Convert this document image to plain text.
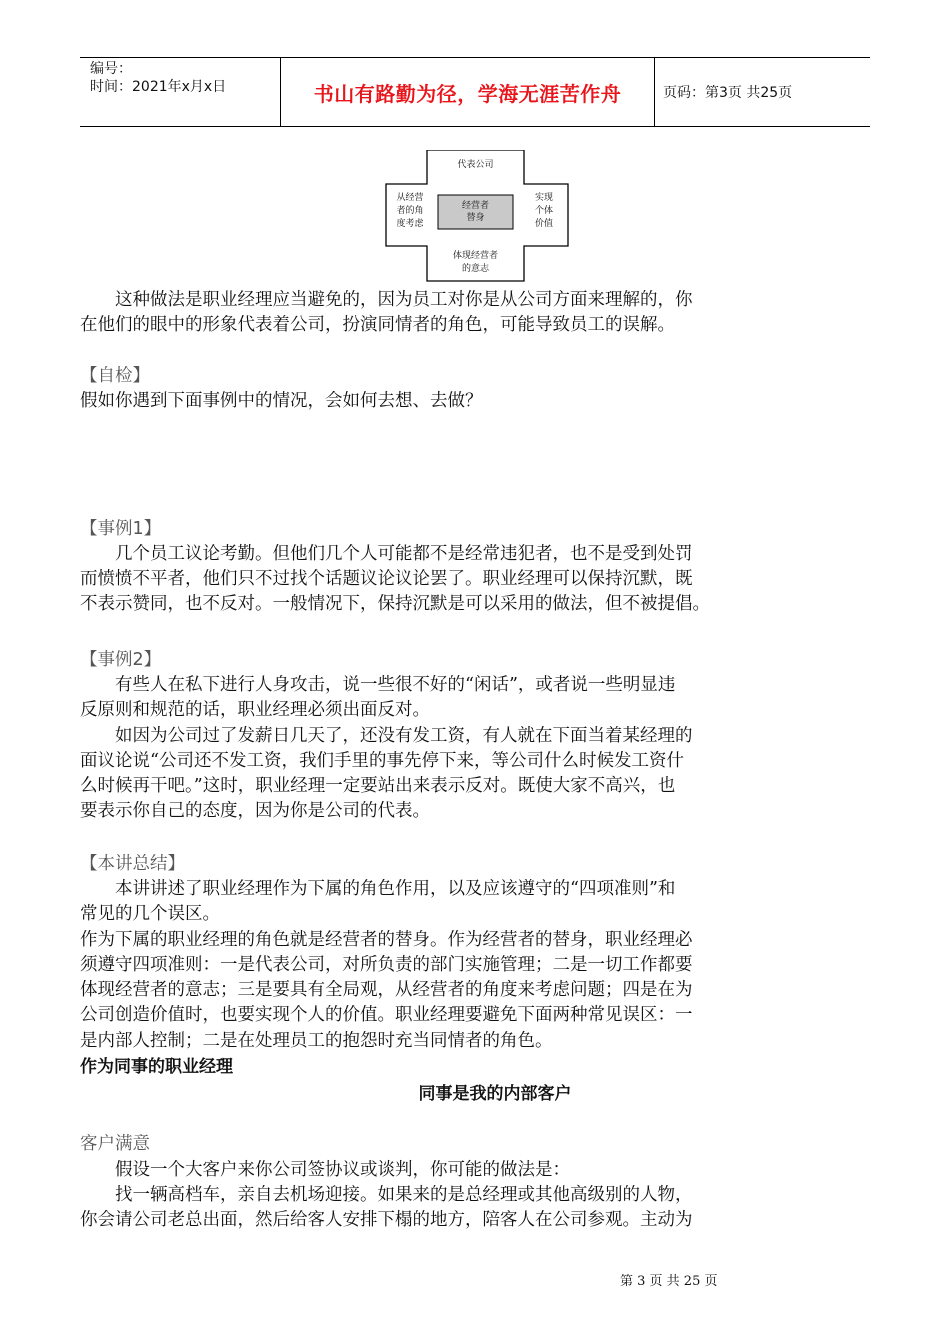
编号：
时间：2021年x月x日	书山有路勤为径，学海无涯苦作舟	页码：第3页 共25页
代表公司
经营者
替身
从经营
者的角
度考虑
实现
个体
价值
体现经营者
的意志
　　这种做法是职业经理应当避免的，因为员工对你是从公司方面来理解的，你
在他们的眼中的形象代表着公司，扮演同情者的角色，可能导致员工的误解。
【自检】
假如你遇到下面事例中的情况，会如何去想、去做？
【事例1】
　　几个员工议论考勤。但他们几个人可能都不是经常违犯者，也不是受到处罚
而愤愤不平者，他们只不过找个话题议论议论罢了。职业经理可以保持沉默，既
不表示赞同，也不反对。一般情况下，保持沉默是可以采用的做法，但不被提倡。
【事例2】
　　有些人在私下进行人身攻击，说一些很不好的“闲话”，或者说一些明显违
反原则和规范的话，职业经理必须出面反对。
　　如因为公司过了发薪日几天了，还没有发工资，有人就在下面当着某经理的
面议论说“公司还不发工资，我们手里的事先停下来，等公司什么时候发工资什
么时候再干吧。”这时，职业经理一定要站出来表示反对。既使大家不高兴，也
要表示你自己的态度，因为你是公司的代表。
【本讲总结】
　　本讲讲述了职业经理作为下属的角色作用，以及应该遵守的“四项准则”和
常见的几个误区。
作为下属的职业经理的角色就是经营者的替身。作为经营者的替身，职业经理必
须遵守四项准则：一是代表公司，对所负责的部门实施管理；二是一切工作都要
体现经营者的意志；三是要具有全局观，从经营者的角度来考虑问题；四是在为
公司创造价值时，也要实现个人的价值。职业经理要避免下面两种常见误区：一
是内部人控制；二是在处理员工的抱怨时充当同情者的角色。
作为同事的职业经理
同事是我的内部客户
客户满意
　　假设一个大客户来你公司签协议或谈判，你可能的做法是：
　　找一辆高档车，亲自去机场迎接。如果来的是总经理或其他高级别的人物，
你会请公司老总出面，然后给客人安排下榻的地方，陪客人在公司参观。主动为
第 3 页 共 25 页
